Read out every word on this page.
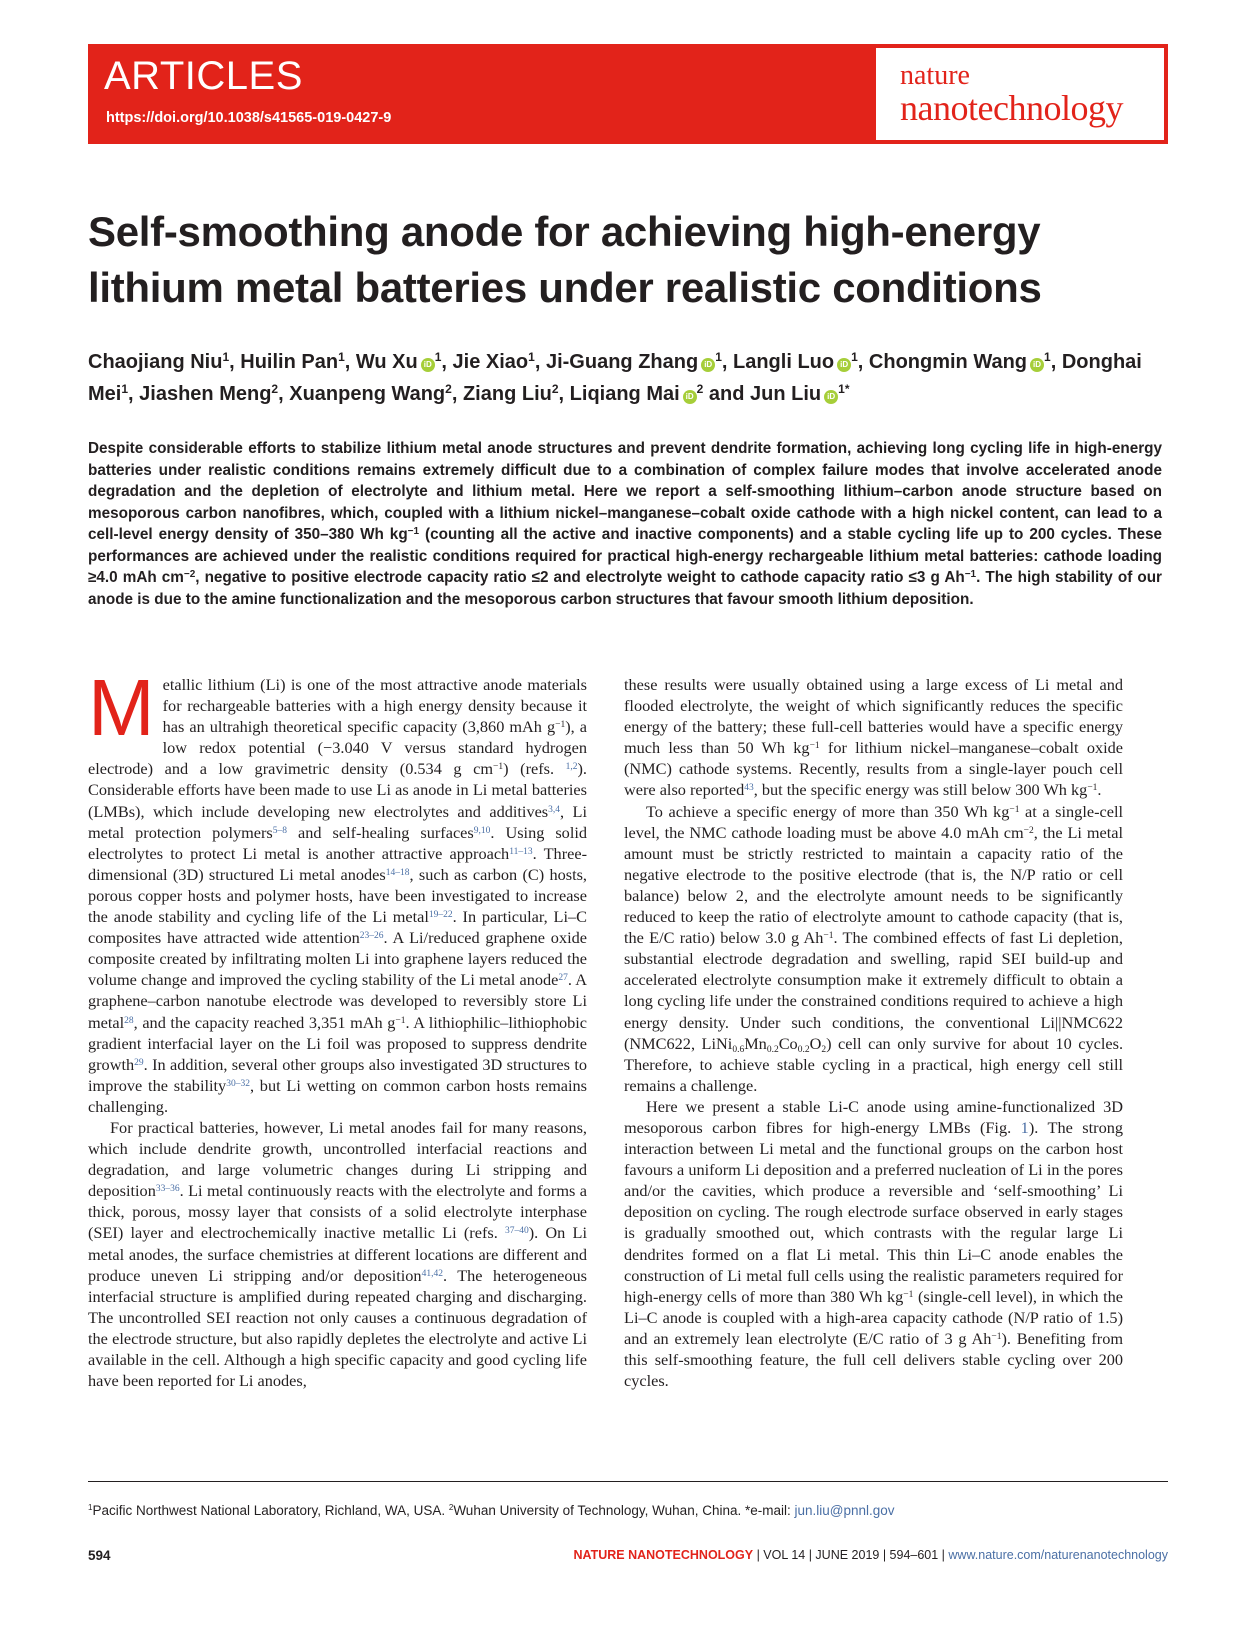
ARTICLES
https://doi.org/10.1038/s41565-019-0427-9
nature
nanotechnology
Self-smoothing anode for achieving high-energy lithium metal batteries under realistic conditions
Chaojiang Niu$^1$, Huilin Pan$^1$, Wu Xu $iD^1$, Jie Xiao$^1$, Ji-Guang Zhang $iD^1$, Langli Luo $iD^1$, Chongmin Wang $iD^1$, Donghai Mei$^1$, Jiashen Meng$^2$, Xuanpeng Wang$^2$, Ziang Liu$^2$, Liqiang Mai $iD^2$ and Jun Liu $iD^{1*}$

Despite considerable efforts to stabilize lithium metal anode structures and prevent dendrite formation, achieving long cycling life in high-energy batteries under realistic conditions remains extremely difficult due to a combination of complex failure modes that involve accelerated anode degradation and the depletion of electrolyte and lithium metal. Here we report a self-smoothing lithium–carbon anode structure based on mesoporous carbon nanofibres, which, coupled with a lithium nickel–manganese–cobalt oxide cathode with a high nickel content, can lead to a cell-level energy density of 350–380 Wh $kg^{-1}$ (counting all the active and inactive components) and a stable cycling life up to 200 cycles. These performances are achieved under the realistic conditions required for practical high-energy rechargeable lithium metal batteries: cathode loading ≥4.0 mAh $cm^{-2}$, negative to positive electrode capacity ratio ≤2 and electrolyte weight to cathode capacity ratio ≤3 g $Ah^{-1}$. The high stability of our anode is due to the amine functionalization and the mesoporous carbon structures that favour smooth lithium deposition.

Metallic lithium (Li) is one of the most attractive anode materials for rechargeable batteries with a high energy density because it has an ultrahigh theoretical specific capacity (3,860 mAh $g^{-1}$), a low redox potential (−3.040 V versus standard hydrogen electrode) and a low gravimetric density (0.534 g $cm^{-1}$) (refs. $^{1,2}$). Considerable efforts have been made to use Li as anode in Li metal batteries (LMBs), which include developing new electrolytes and additives$^{3,4}$, Li metal protection polymers$^{5-8}$ and self-healing surfaces$^{9,10}$. Using solid electrolytes to protect Li metal is another attractive approach$^{11-13}$. Three-dimensional (3D) structured Li metal anodes$^{14-18}$, such as carbon (C) hosts, porous copper hosts and polymer hosts, have been investigated to increase the anode stability and cycling life of the Li metal$^{19-22}$. In particular, Li–C composites have attracted wide attention$^{23-26}$. A Li/reduced graphene oxide composite created by infiltrating molten Li into graphene layers reduced the volume change and improved the cycling stability of the Li metal anode$^{27}$. A graphene–carbon nanotube electrode was developed to reversibly store Li metal$^{28}$, and the capacity reached 3,351 mAh $g^{-1}$. A lithiophilic–lithiophobic gradient interfacial layer on the Li foil was proposed to suppress dendrite growth$^{29}$. In addition, several other groups also investigated 3D structures to improve the stability$^{30-32}$, but Li wetting on common carbon hosts remains challenging.

For practical batteries, however, Li metal anodes fail for many reasons, which include dendrite growth, uncontrolled interfacial reactions and degradation, and large volumetric changes during Li stripping and deposition$^{33-36}$. Li metal continuously reacts with the electrolyte and forms a thick, porous, mossy layer that consists of a solid electrolyte interphase (SEI) layer and electrochemically inactive metallic Li (refs. $^{37-40}$). On Li metal anodes, the surface chemistries at different locations are different and produce uneven Li stripping and/or deposition$^{41,42}$. The heterogeneous interfacial structure is amplified during repeated charging and discharging. The uncontrolled SEI reaction not only causes a continuous degradation of the electrode structure, but also rapidly depletes the electrolyte and active Li available in the cell. Although a high specific capacity and good cycling life have been reported for Li anodes,

these results were usually obtained using a large excess of Li metal and flooded electrolyte, the weight of which significantly reduces the specific energy of the battery; these full-cell batteries would have a specific energy much less than 50 Wh $kg^{-1}$ for lithium nickel–manganese–cobalt oxide (NMC) cathode systems. Recently, results from a single-layer pouch cell were also reported$^{43}$, but the specific energy was still below 300 Wh $kg^{-1}$.

To achieve a specific energy of more than 350 Wh $kg^{-1}$ at a single-cell level, the NMC cathode loading must be above 4.0 mAh $cm^{-2}$, the Li metal amount must be strictly restricted to maintain a capacity ratio of the negative electrode to the positive electrode (that is, the N/P ratio or cell balance) below 2, and the electrolyte amount needs to be significantly reduced to keep the ratio of electrolyte amount to cathode capacity (that is, the E/C ratio) below 3.0 g $Ah^{-1}$. The combined effects of fast Li depletion, substantial electrode degradation and swelling, rapid SEI build-up and accelerated electrolyte consumption make it extremely difficult to obtain a long cycling life under the constrained conditions required to achieve a high energy density. Under such conditions, the conventional Li||NMC622 (NMC622, $LiNi_{0.6}Mn_{0.2}Co_{0.2}O_2$) cell can only survive for about 10 cycles. Therefore, to achieve stable cycling in a practical, high energy cell still remains a challenge.

Here we present a stable Li-C anode using amine-functionalized 3D mesoporous carbon fibres for high-energy LMBs (Fig. 1). The strong interaction between Li metal and the functional groups on the carbon host favours a uniform Li deposition and a preferred nucleation of Li in the pores and/or the cavities, which produce a reversible and ‘self-smoothing’ Li deposition on cycling. The rough electrode surface observed in early stages is gradually smoothed out, which contrasts with the regular large Li dendrites formed on a flat Li metal. This thin Li–C anode enables the construction of Li metal full cells using the realistic parameters required for high-energy cells of more than 380 Wh $kg^{-1}$ (single-cell level), in which the Li–C anode is coupled with a high-area capacity cathode (N/P ratio of 1.5) and an extremely lean electrolyte (E/C ratio of 3 g $Ah^{-1}$). Benefiting from this self-smoothing feature, the full cell delivers stable cycling over 200 cycles.

$^1$Pacific Northwest National Laboratory, Richland, WA, USA. $^2$Wuhan University of Technology, Wuhan, China. *e-mail: jun.liu@pnnl.gov
594	NATURE NANOTECHNOLOGY | VOL 14 | JUNE 2019 | 594–601 | www.nature.com/naturenanotechnology
